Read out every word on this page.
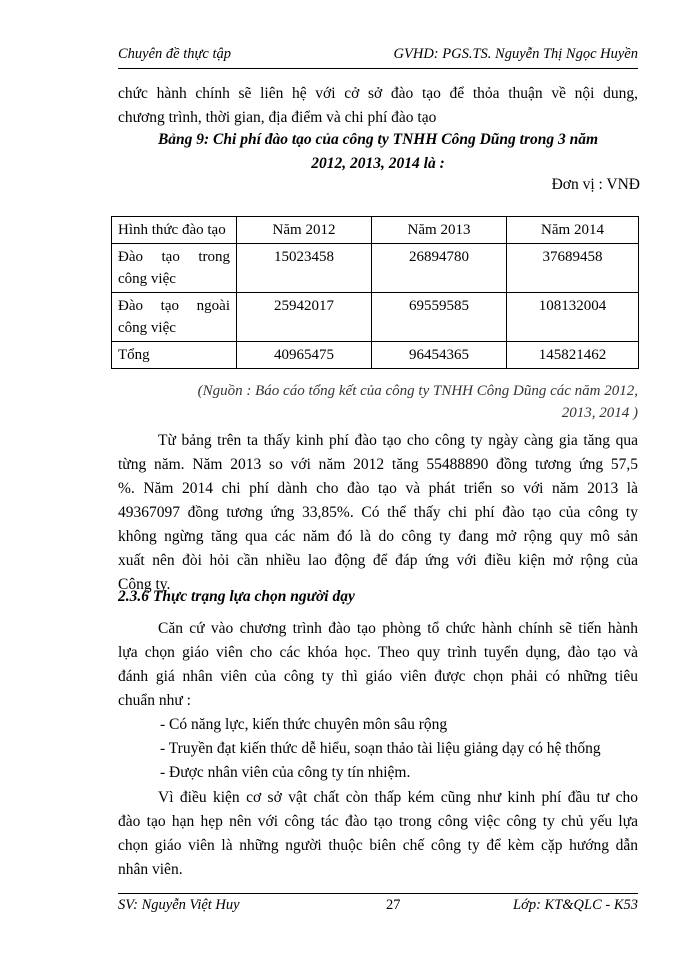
Chuyên đề thực tập	GVHD: PGS.TS. Nguyễn Thị Ngọc Huyền
chức hành chính sẽ liên hệ với cở sở đào tạo để thỏa thuận về nội dung,
chương trình, thời gian, địa điểm và chi phí đào tạo
Bảng 9: Chi phí đào tạo của công ty TNHH Công Dũng trong 3 năm
2012, 2013, 2014 là :
Đơn vị : VNĐ
Hình thức đào tạo	Năm 2012	Năm 2013	Năm 2014
Đào tạo trong công việc	15023458	26894780	37689458
Đào tạo ngoài công việc	25942017	69559585	108132004
Tổng	40965475	96454365	145821462
(Nguồn : Báo cáo tổng kết của công ty TNHH Công Dũng các năm 2012,
2013, 2014 )
Từ bảng trên ta thấy kinh phí đào tạo cho công ty ngày càng gia tăng qua
từng năm. Năm 2013 so với năm 2012 tăng 55488890 đồng tương ứng 57,5
%. Năm 2014 chi phí dành cho đào tạo và phát triển so với năm 2013 là
49367097 đồng tương ứng 33,85%. Có thể thấy chi phí đào tạo của công ty
không ngừng tăng qua các năm đó là do công ty đang mở rộng quy mô sản
xuất nên đòi hỏi cần nhiều lao động để đáp ứng với điều kiện mở rộng của
Công ty.
2.3.6 Thực trạng lựa chọn người dạy
Căn cứ vào chương trình đào tạo phòng tổ chức hành chính sẽ tiến hành
lựa chọn giáo viên cho các khóa học. Theo quy trình tuyển dụng, đào tạo và
đánh giá nhân viên của công ty thì giáo viên được chọn phải có những tiêu
chuẩn như :
- Có năng lực, kiến thức chuyên môn sâu rộng
- Truyền đạt kiến thức dễ hiểu, soạn thảo tài liệu giảng dạy có hệ thống
- Được nhân viên của công ty tín nhiệm.
Vì điều kiện cơ sở vật chất còn thấp kém cũng như kinh phí đầu tư cho
đào tạo hạn hẹp nên với công tác đào tạo trong công việc công ty chủ yếu lựa
chọn giáo viên là những người thuộc biên chế công ty để kèm cặp hướng dẫn
nhân viên.
SV: Nguyễn Việt Huy	27	Lớp: KT&QLC - K53
